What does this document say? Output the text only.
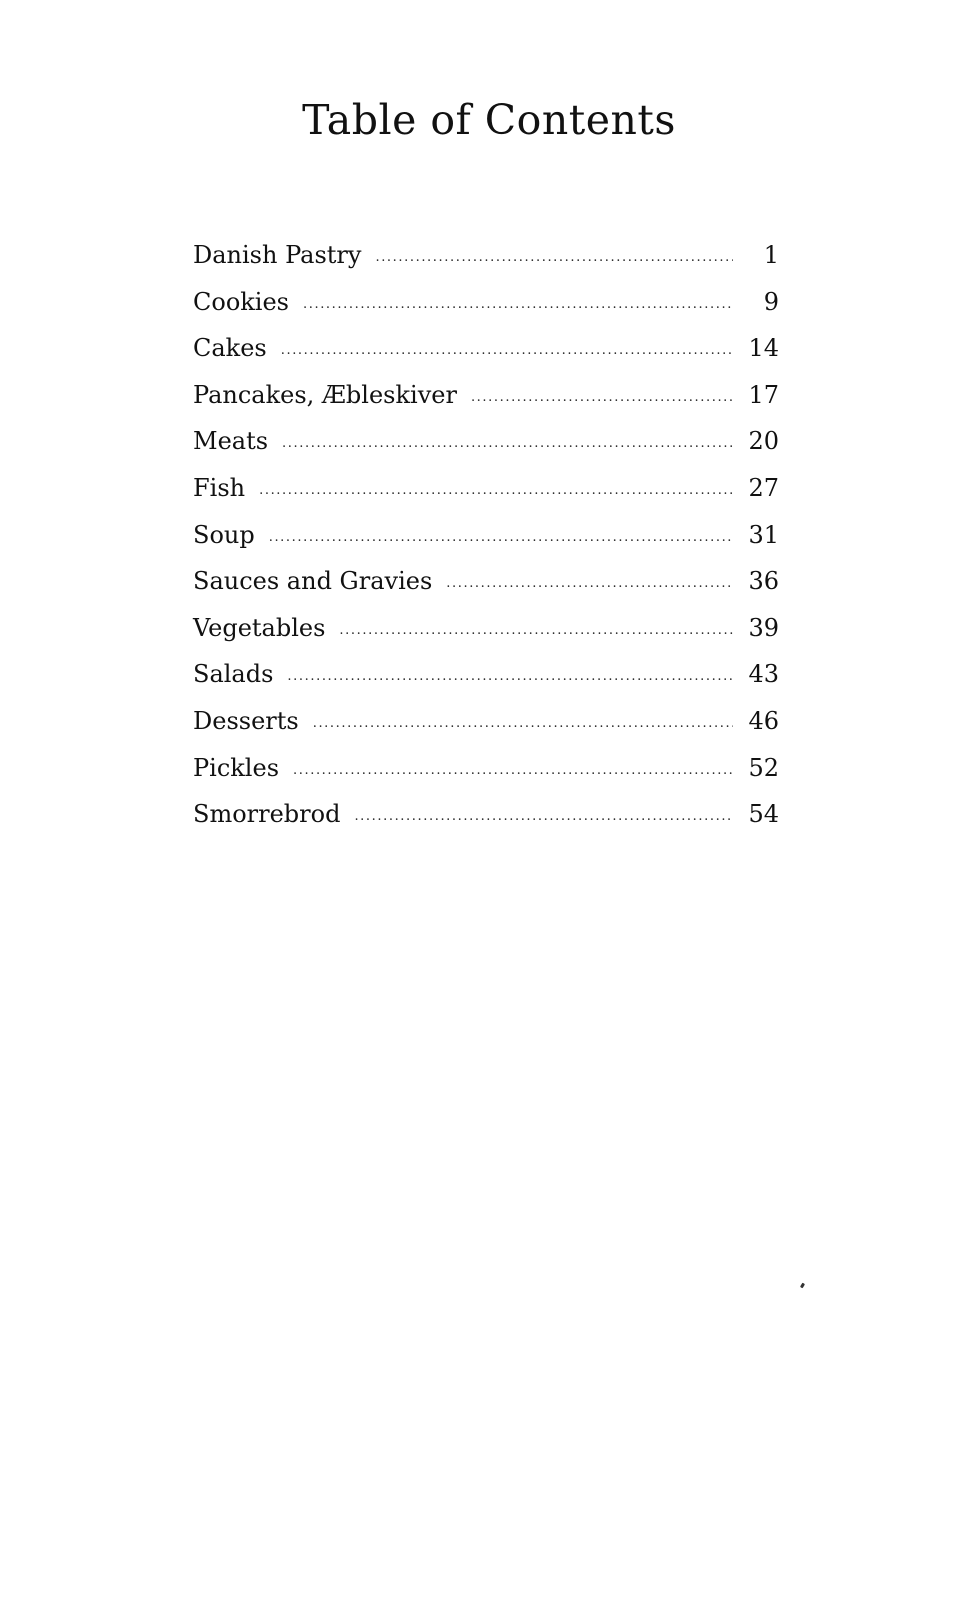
Table of Contents
Danish Pastry .....	1
Cookies .....	9
Cakes .....	14
Pancakes, Æbleskiver .....	17
Meats .....	20
Fish .....	27
Soup .....	31
Sauces and Gravies .....	36
Vegetables .....	39
Salads .....	43
Desserts .....	46
Pickles .....	52
Smorrebrod .....	54
